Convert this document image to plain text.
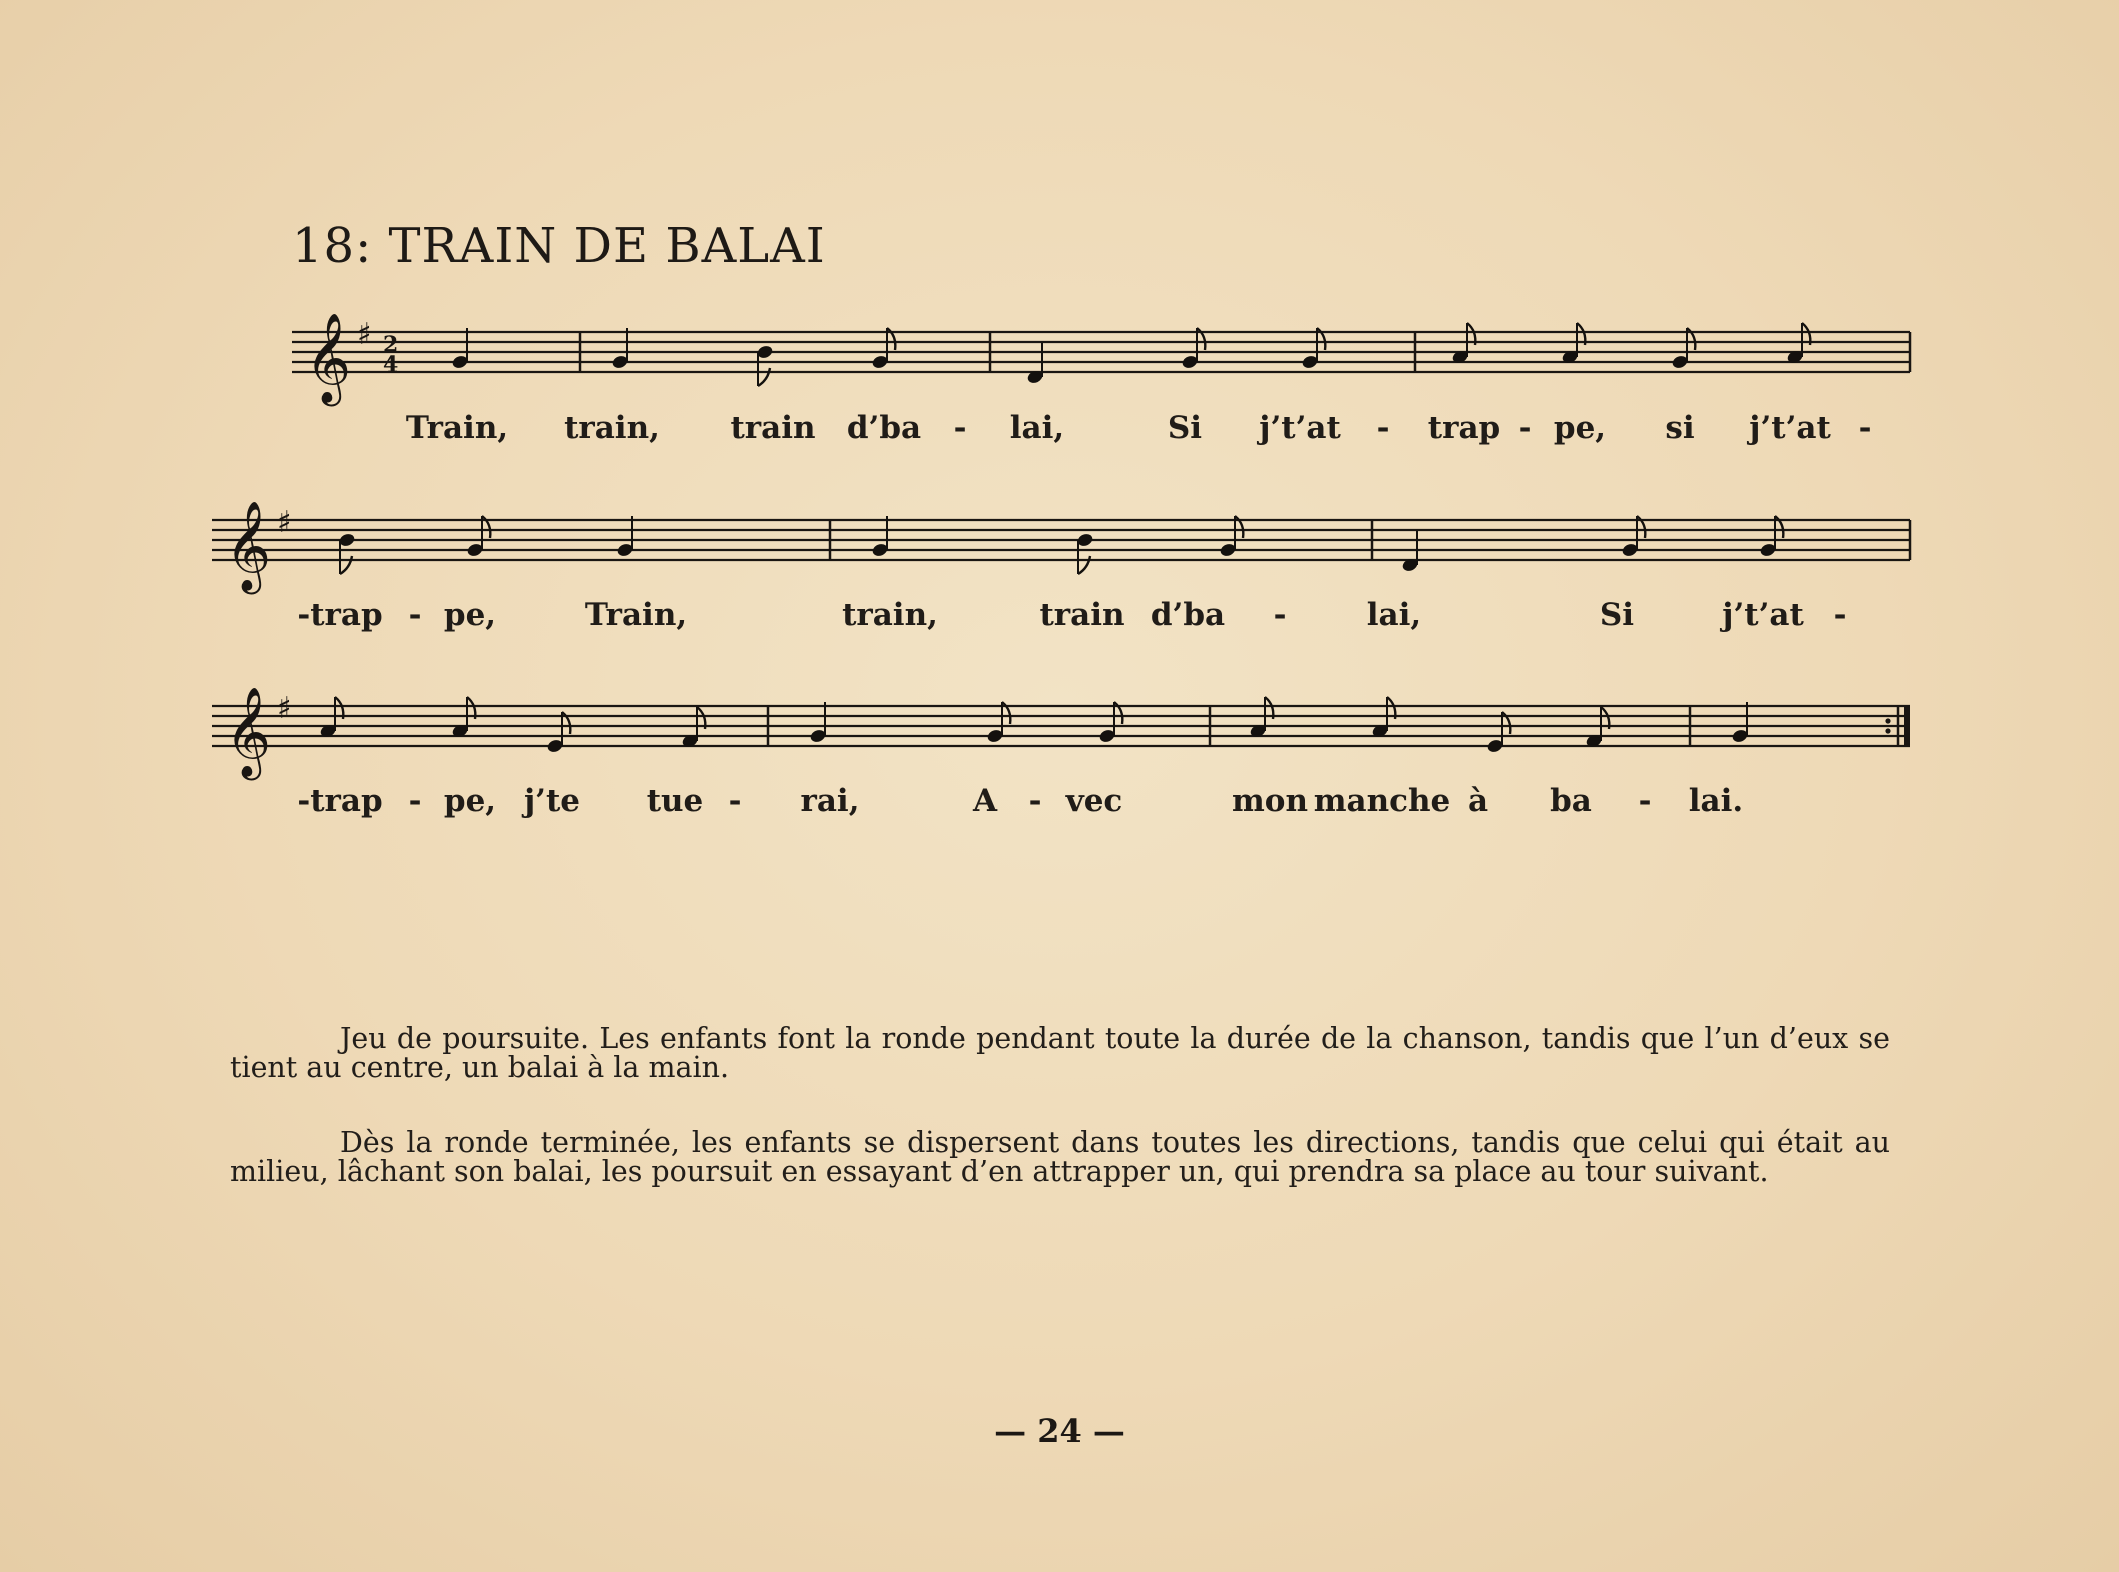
18: TRAIN DE BALAI
𝄞 ♯ 2
4
𝄞 ♯
𝄞 ♯

Jeu de poursuite. Les enfants font la ronde pendant toute la durée de la chanson, tandis que l’un d’eux se tient au centre, un balai à la main.

Dès la ronde terminée, les enfants se dispersent dans toutes les directions, tandis que celui qui était au milieu, lâchant son balai, les poursuit en essayant d’en attrapper un, qui prendra sa place au tour suivant.

— 24 —
Train, train, train d’ba - lai,	Si j’t’at - trap - pe, si j’t’at -
-trap - pe,	Train,	train,	train d’ba -	lai,	Si	j’t’at -
-trap - pe, j’te tue - rai,	A - vec	mon manche à ba - lai.
